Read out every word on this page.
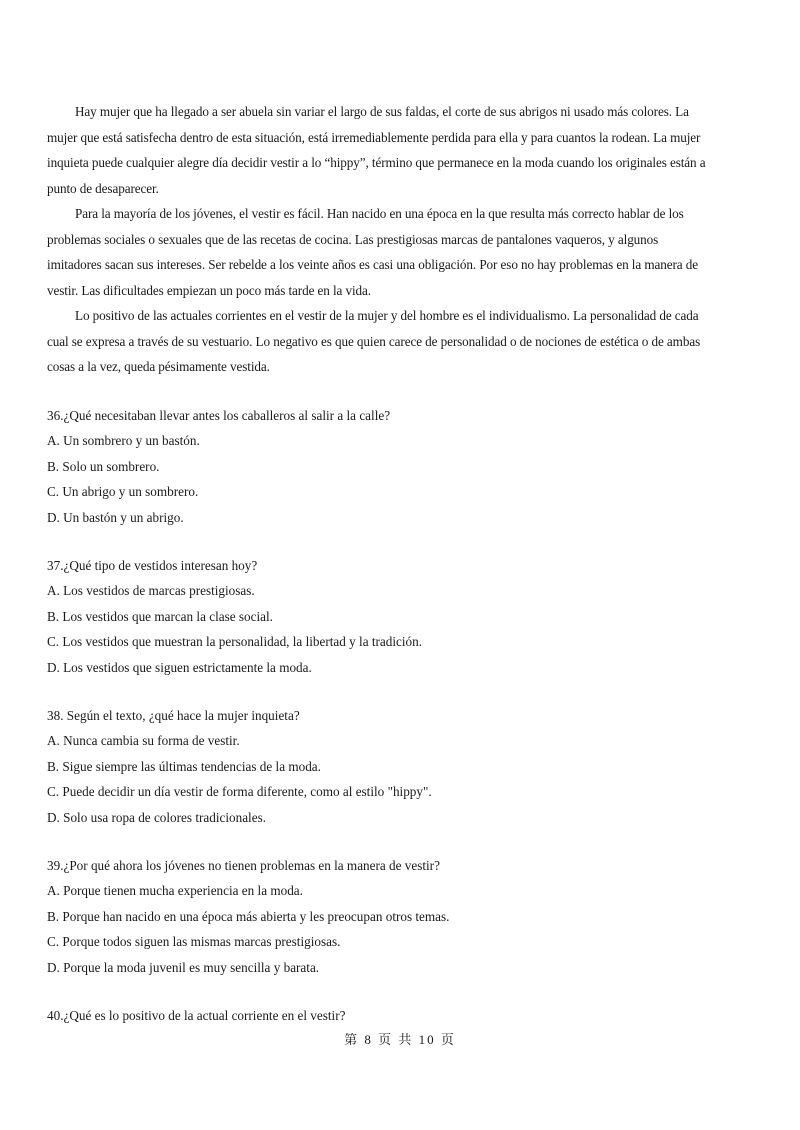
Hay mujer que ha llegado a ser abuela sin variar el largo de sus faldas, el corte de sus abrigos ni usado más colores. La mujer que está satisfecha dentro de esta situación, está irremediablemente perdida para ella y para cuantos la rodean. La mujer inquieta puede cualquier alegre día decidir vestir a lo “hippy”, término que permanece en la moda cuando los originales están a punto de desaparecer.

Para la mayoría de los jóvenes, el vestir es fácil. Han nacido en una época en la que resulta más correcto hablar de los problemas sociales o sexuales que de las recetas de cocina. Las prestigiosas marcas de pantalones vaqueros, y algunos imitadores sacan sus intereses. Ser rebelde a los veinte años es casi una obligación. Por eso no hay problemas en la manera de vestir. Las dificultades empiezan un poco más tarde en la vida.

Lo positivo de las actuales corrientes en el vestir de la mujer y del hombre es el individualismo. La personalidad de cada cual se expresa a través de su vestuario. Lo negativo es que quien carece de personalidad o de nociones de estética o de ambas cosas a la vez, queda pésimamente vestida.

36.¿Qué necesitaban llevar antes los caballeros al salir a la calle?
A. Un sombrero y un bastón.
B. Solo un sombrero.
C. Un abrigo y un sombrero.
D. Un bastón y un abrigo.
37.¿Qué tipo de vestidos interesan hoy?
A. Los vestidos de marcas prestigiosas.
B. Los vestidos que marcan la clase social.
C. Los vestidos que muestran la personalidad, la libertad y la tradición.
D. Los vestidos que siguen estrictamente la moda.
38. Según el texto, ¿qué hace la mujer inquieta?
A. Nunca cambia su forma de vestir.
B. Sigue siempre las últimas tendencias de la moda.
C. Puede decidir un día vestir de forma diferente, como al estilo "hippy".
D. Solo usa ropa de colores tradicionales.
39.¿Por qué ahora los jóvenes no tienen problemas en la manera de vestir?
A. Porque tienen mucha experiencia en la moda.
B. Porque han nacido en una época más abierta y les preocupan otros temas.
C. Porque todos siguen las mismas marcas prestigiosas.
D. Porque la moda juvenil es muy sencilla y barata.
40.¿Qué es lo positivo de la actual corriente en el vestir?
第 8 页 共 10 页
